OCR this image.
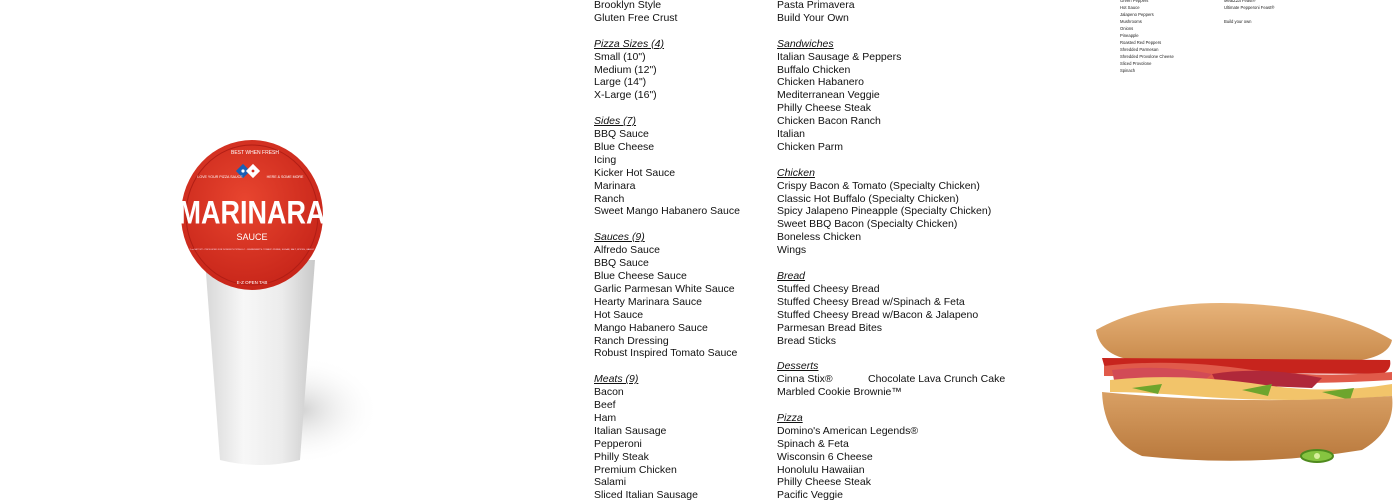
BEST WHEN FRESH
LOVE YOUR PIZZA SAUCE	HERE & SOME MORE
MARINARA
SAUCE
2 oz NET WT - PRODUCED FOR DOMINO'S PIZZA LLC - INGREDIENTS: TOMATO PUREE, SUGAR, SALT, SPICES, GARLIC
E-Z OPEN TAB
Brooklyn Style
Gluten Free Crust
Pizza Sizes (4)
Small (10")
Medium (12")
Large (14")
X-Large (16")
Sides (7)
BBQ Sauce
Blue Cheese
Icing
Kicker Hot Sauce
Marinara
Ranch
Sweet Mango Habanero Sauce
Sauces (9)
Alfredo Sauce
BBQ Sauce
Blue Cheese Sauce
Garlic Parmesan White Sauce
Hearty Marinara Sauce
Hot Sauce
Mango Habanero Sauce
Ranch Dressing
Robust Inspired Tomato Sauce
Meats (9)
Bacon
Beef
Ham
Italian Sausage
Pepperoni
Philly Steak
Premium Chicken
Salami
Sliced Italian Sausage
Pasta Primavera
Build Your Own
Sandwiches
Italian Sausage & Peppers
Buffalo Chicken
Chicken Habanero
Mediterranean Veggie
Philly Cheese Steak
Chicken Bacon Ranch
Italian
Chicken Parm
Chicken
Crispy Bacon & Tomato (Specialty Chicken)
Classic Hot Buffalo (Specialty Chicken)
Spicy Jalapeno Pineapple (Specialty Chicken)
Sweet BBQ Bacon (Specialty Chicken)
Boneless Chicken
Wings
Bread
Stuffed Cheesy Bread
Stuffed Cheesy Bread w/Spinach & Feta
Stuffed Cheesy Bread w/Bacon & Jalapeno
Parmesan Bread Bites
Bread Sticks
Desserts
Cinna Stix®	Chocolate Lava Crunch Cake
Marbled Cookie Brownie™
Pizza
Domino's American Legends®
Spinach & Feta
Wisconsin 6 Cheese
Honolulu Hawaiian
Philly Cheese Steak
Pacific Veggie
Green Peppers
Hot Sauce
Jalapeno Peppers
Mushrooms
Onions
Pineapple
Roasted Red Peppers
Shredded Parmesan
Shredded Provolone Cheese
Sliced Provolone
Spinach
MeatZZa Feast®
Ultimate Pepperoni Feast®
Build your own
